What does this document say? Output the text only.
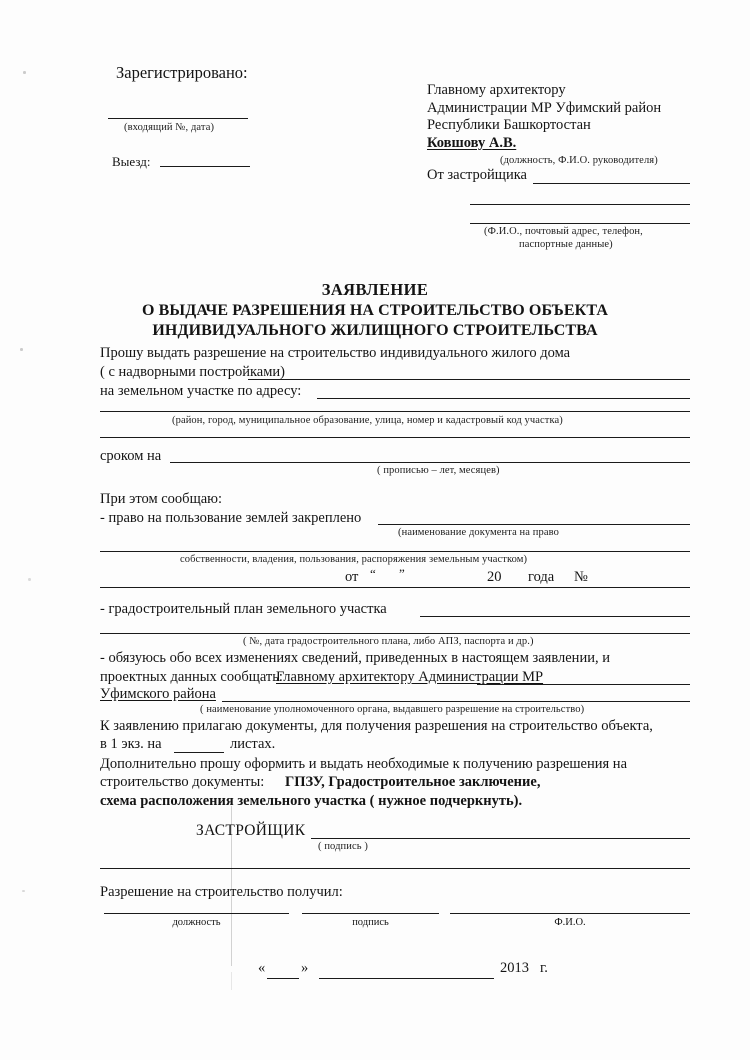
Зарегистрировано:
(входящий №, дата)
Выезд:
Главному архитектору
Администрации МР Уфимский район
Республики Башкортостан
Ковшову А.В.
(должность, Ф.И.О. руководителя)
От застройщика
(Ф.И.О., почтовый адрес, телефон,
паспортные данные)
ЗАЯВЛЕНИЕ
О ВЫДАЧЕ РАЗРЕШЕНИЯ НА СТРОИТЕЛЬСТВО ОБЪЕКТА
ИНДИВИДУАЛЬНОГО ЖИЛИЩНОГО СТРОИТЕЛЬСТВА
Прошу выдать разрешение на строительство индивидуального жилого дома
( с надворными постройками)
на земельном участке по адресу:
(район, город, муниципальное образование, улица, номер и кадастровый код участка)
сроком на
( прописью – лет, месяцев)
При этом сообщаю:
- право на пользование землей закреплено
(наименование документа на право
собственности, владения, пользования, распоряжения земельным участком)
от “ ”	20 года №
- градостроительный план земельного участка
( №, дата градостроительного плана, либо АПЗ, паспорта и др.)
- обязуюсь обо всех изменениях сведений, приведенных в настоящем заявлении, и
проектных данных сообщать:
Главному архитектору Администрации МР
Уфимского района
( наименование уполномоченного органа, выдавшего разрешение на строительство)
К заявлению прилагаю документы, для получения разрешения на строительство объекта,
в 1 экз. на	листах.
Дополнительно прошу оформить и выдать необходимые к получению разрешения на
строительство документы: ГПЗУ, Градостроительное заключение,
схема расположения земельного участка ( нужное подчеркнуть).
ЗАСТРОЙЩИК
( подпись )
Разрешение на строительство получил:
должность	подпись	Ф.И.О.
« »	2013 г.
